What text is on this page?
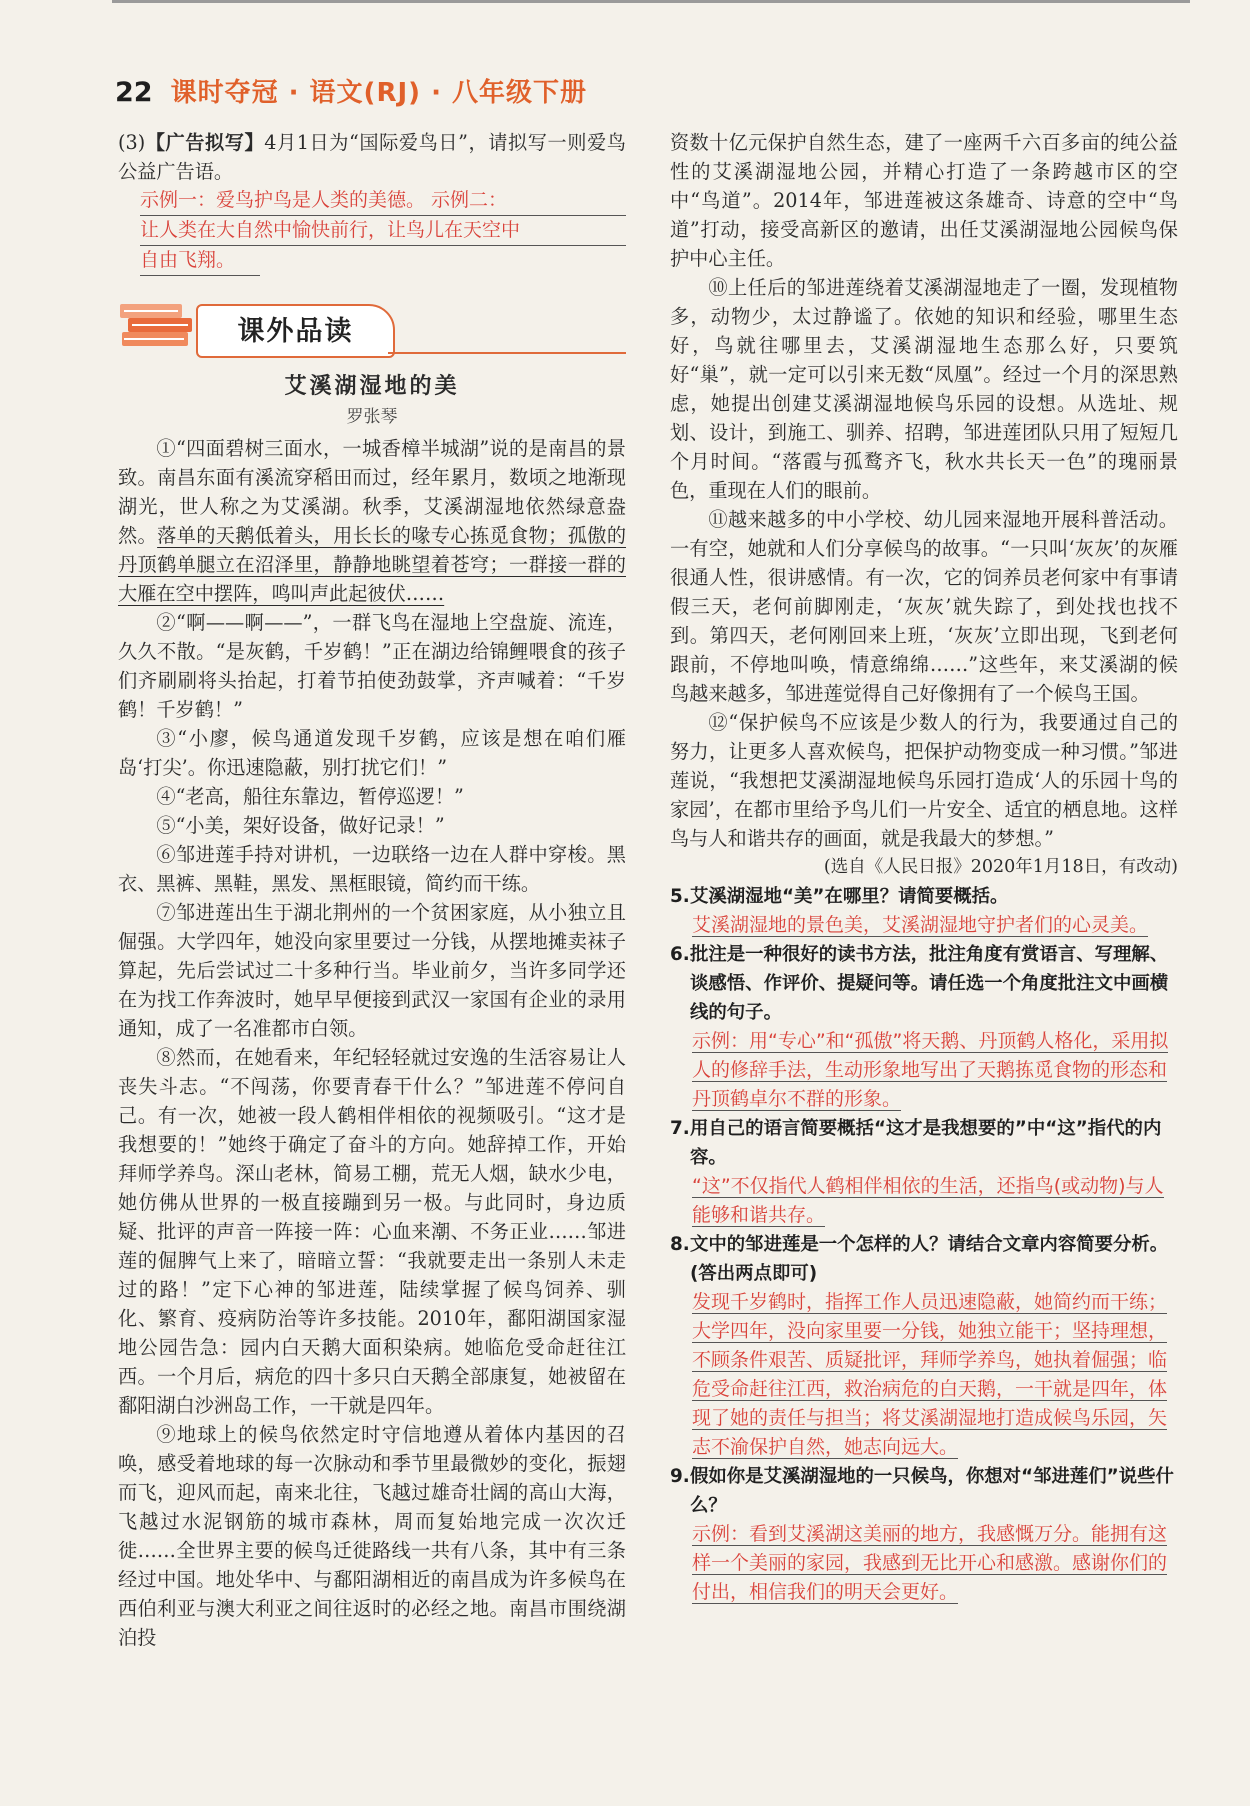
22 课时夺冠 · 语文(RJ) · 八年级下册

(3)【广告拟写】4月1日为“国际爱鸟日”，请拟写一则爱鸟公益广告语。

示例一：爱鸟护鸟是人类的美德。 示例二：
让人类在大自然中愉快前行，让鸟儿在天空中
自由飞翔。
课外品读
艾溪湖湿地的美
罗张琴

①“四面碧树三面水，一城香樟半城湖”说的是南昌的景致。南昌东面有溪流穿稻田而过，经年累月，数顷之地渐现湖光，世人称之为艾溪湖。秋季，艾溪湖湿地依然绿意盎然。落单的天鹅低着头，用长长的喙专心拣觅食物；孤傲的丹顶鹤单腿立在沼泽里，静静地眺望着苍穹；一群接一群的大雁在空中摆阵，鸣叫声此起彼伏……

②“啊——啊——”，一群飞鸟在湿地上空盘旋、流连，久久不散。“是灰鹤，千岁鹤！”正在湖边给锦鲤喂食的孩子们齐刷刷将头抬起，打着节拍使劲鼓掌，齐声喊着：“千岁鹤！千岁鹤！”

③“小廖，候鸟通道发现千岁鹤，应该是想在咱们雁岛‘打尖’。你迅速隐蔽，别打扰它们！”

④“老高，船往东靠边，暂停巡逻！”

⑤“小美，架好设备，做好记录！”

⑥邹进莲手持对讲机，一边联络一边在人群中穿梭。黑衣、黑裤、黑鞋，黑发、黑框眼镜，简约而干练。

⑦邹进莲出生于湖北荆州的一个贫困家庭，从小独立且倔强。大学四年，她没向家里要过一分钱，从摆地摊卖袜子算起，先后尝试过二十多种行当。毕业前夕，当许多同学还在为找工作奔波时，她早早便接到武汉一家国有企业的录用通知，成了一名准都市白领。

⑧然而，在她看来，年纪轻轻就过安逸的生活容易让人丧失斗志。“不闯荡，你要青春干什么？”邹进莲不停问自己。有一次，她被一段人鹤相伴相依的视频吸引。“这才是我想要的！”她终于确定了奋斗的方向。她辞掉工作，开始拜师学养鸟。深山老林，简易工棚，荒无人烟，缺水少电，她仿佛从世界的一极直接蹦到另一极。与此同时，身边质疑、批评的声音一阵接一阵：心血来潮、不务正业……邹进莲的倔脾气上来了，暗暗立誓：“我就要走出一条别人未走过的路！”定下心神的邹进莲，陆续掌握了候鸟饲养、驯化、繁育、疫病防治等许多技能。2010年，鄱阳湖国家湿地公园告急：园内白天鹅大面积染病。她临危受命赶往江西。一个月后，病危的四十多只白天鹅全部康复，她被留在鄱阳湖白沙洲岛工作，一干就是四年。

⑨地球上的候鸟依然定时守信地遵从着体内基因的召唤，感受着地球的每一次脉动和季节里最微妙的变化，振翅而飞，迎风而起，南来北往，飞越过雄奇壮阔的高山大海，飞越过水泥钢筋的城市森林，周而复始地完成一次次迁徙……全世界主要的候鸟迁徙路线一共有八条，其中有三条经过中国。地处华中、与鄱阳湖相近的南昌成为许多候鸟在西伯利亚与澳大利亚之间往返时的必经之地。南昌市围绕湖泊投

资数十亿元保护自然生态，建了一座两千六百多亩的纯公益性的艾溪湖湿地公园，并精心打造了一条跨越市区的空中“鸟道”。2014年，邹进莲被这条雄奇、诗意的空中“鸟道”打动，接受高新区的邀请，出任艾溪湖湿地公园候鸟保护中心主任。

⑩上任后的邹进莲绕着艾溪湖湿地走了一圈，发现植物多，动物少，太过静谧了。依她的知识和经验，哪里生态好，鸟就往哪里去，艾溪湖湿地生态那么好，只要筑好“巢”，就一定可以引来无数“凤凰”。经过一个月的深思熟虑，她提出创建艾溪湖湿地候鸟乐园的设想。从选址、规划、设计，到施工、驯养、招聘，邹进莲团队只用了短短几个月时间。“落霞与孤鹜齐飞，秋水共长天一色”的瑰丽景色，重现在人们的眼前。

⑪越来越多的中小学校、幼儿园来湿地开展科普活动。一有空，她就和人们分享候鸟的故事。“一只叫‘灰灰’的灰雁很通人性，很讲感情。有一次，它的饲养员老何家中有事请假三天，老何前脚刚走，‘灰灰’就失踪了，到处找也找不到。第四天，老何刚回来上班，‘灰灰’立即出现，飞到老何跟前，不停地叫唤，情意绵绵……”这些年，来艾溪湖的候鸟越来越多，邹进莲觉得自己好像拥有了一个候鸟王国。

⑫“保护候鸟不应该是少数人的行为，我要通过自己的努力，让更多人喜欢候鸟，把保护动物变成一种习惯。”邹进莲说，“我想把艾溪湖湿地候鸟乐园打造成‘人的乐园十鸟的家园’，在都市里给予鸟儿们一片安全、适宜的栖息地。这样鸟与人和谐共存的画面，就是我最大的梦想。”

(选自《人民日报》2020年1月18日，有改动)

5.艾溪湖湿地“美”在哪里？请简要概括。
艾溪湖湿地的景色美，艾溪湖湿地守护者们的心灵美。
6.批注是一种很好的读书方法，批注角度有赏语言、写理解、谈感悟、作评价、提疑问等。请任选一个角度批注文中画横线的句子。
示例：用“专心”和“孤傲”将天鹅、丹顶鹤人格化，采用拟人的修辞手法，生动形象地写出了天鹅拣觅食物的形态和丹顶鹤卓尔不群的形象。
7.用自己的语言简要概括“这才是我想要的”中“这”指代的内容。
“这”不仅指代人鹤相伴相依的生活，还指鸟(或动物)与人能够和谐共存。
8.文中的邹进莲是一个怎样的人？请结合文章内容简要分析。(答出两点即可)
发现千岁鹤时，指挥工作人员迅速隐蔽，她简约而干练；大学四年，没向家里要一分钱，她独立能干；坚持理想，不顾条件艰苦、质疑批评，拜师学养鸟，她执着倔强；临危受命赶往江西，救治病危的白天鹅，一干就是四年，体现了她的责任与担当；将艾溪湖湿地打造成候鸟乐园，矢志不渝保护自然，她志向远大。
9.假如你是艾溪湖湿地的一只候鸟，你想对“邹进莲们”说些什么？
示例：看到艾溪湖这美丽的地方，我感慨万分。能拥有这样一个美丽的家园，我感到无比开心和感激。感谢你们的付出，相信我们的明天会更好。
